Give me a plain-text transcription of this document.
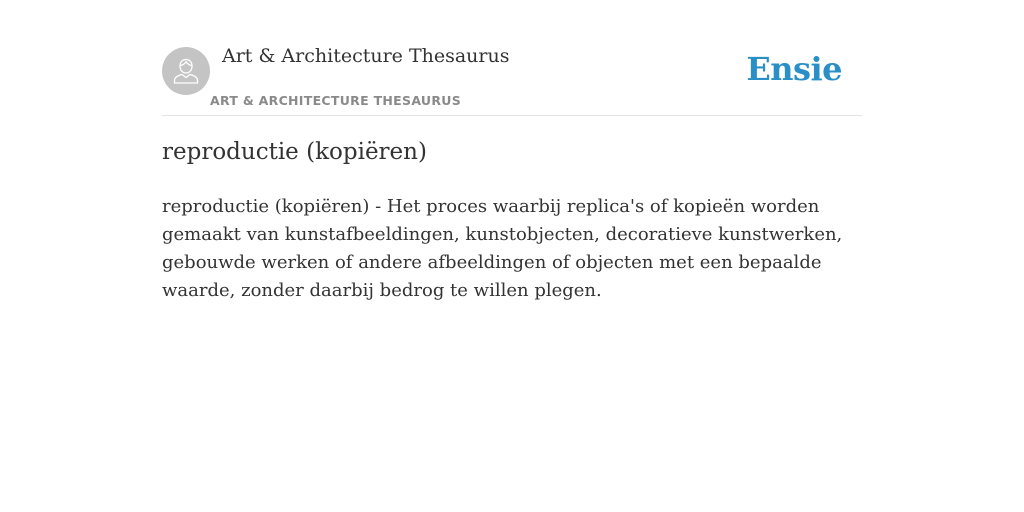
Art & Architecture Thesaurus
ART & ARCHITECTURE THESAURUS
Ensie
reproductie (kopiëren)

reproductie (kopiëren) - Het proces waarbij replica's of kopieën worden gemaakt van kunstafbeeldingen, kunstobjecten, decoratieve kunstwerken, gebouwde werken of andere afbeeldingen of objecten met een bepaalde waarde, zonder daarbij bedrog te willen plegen.
